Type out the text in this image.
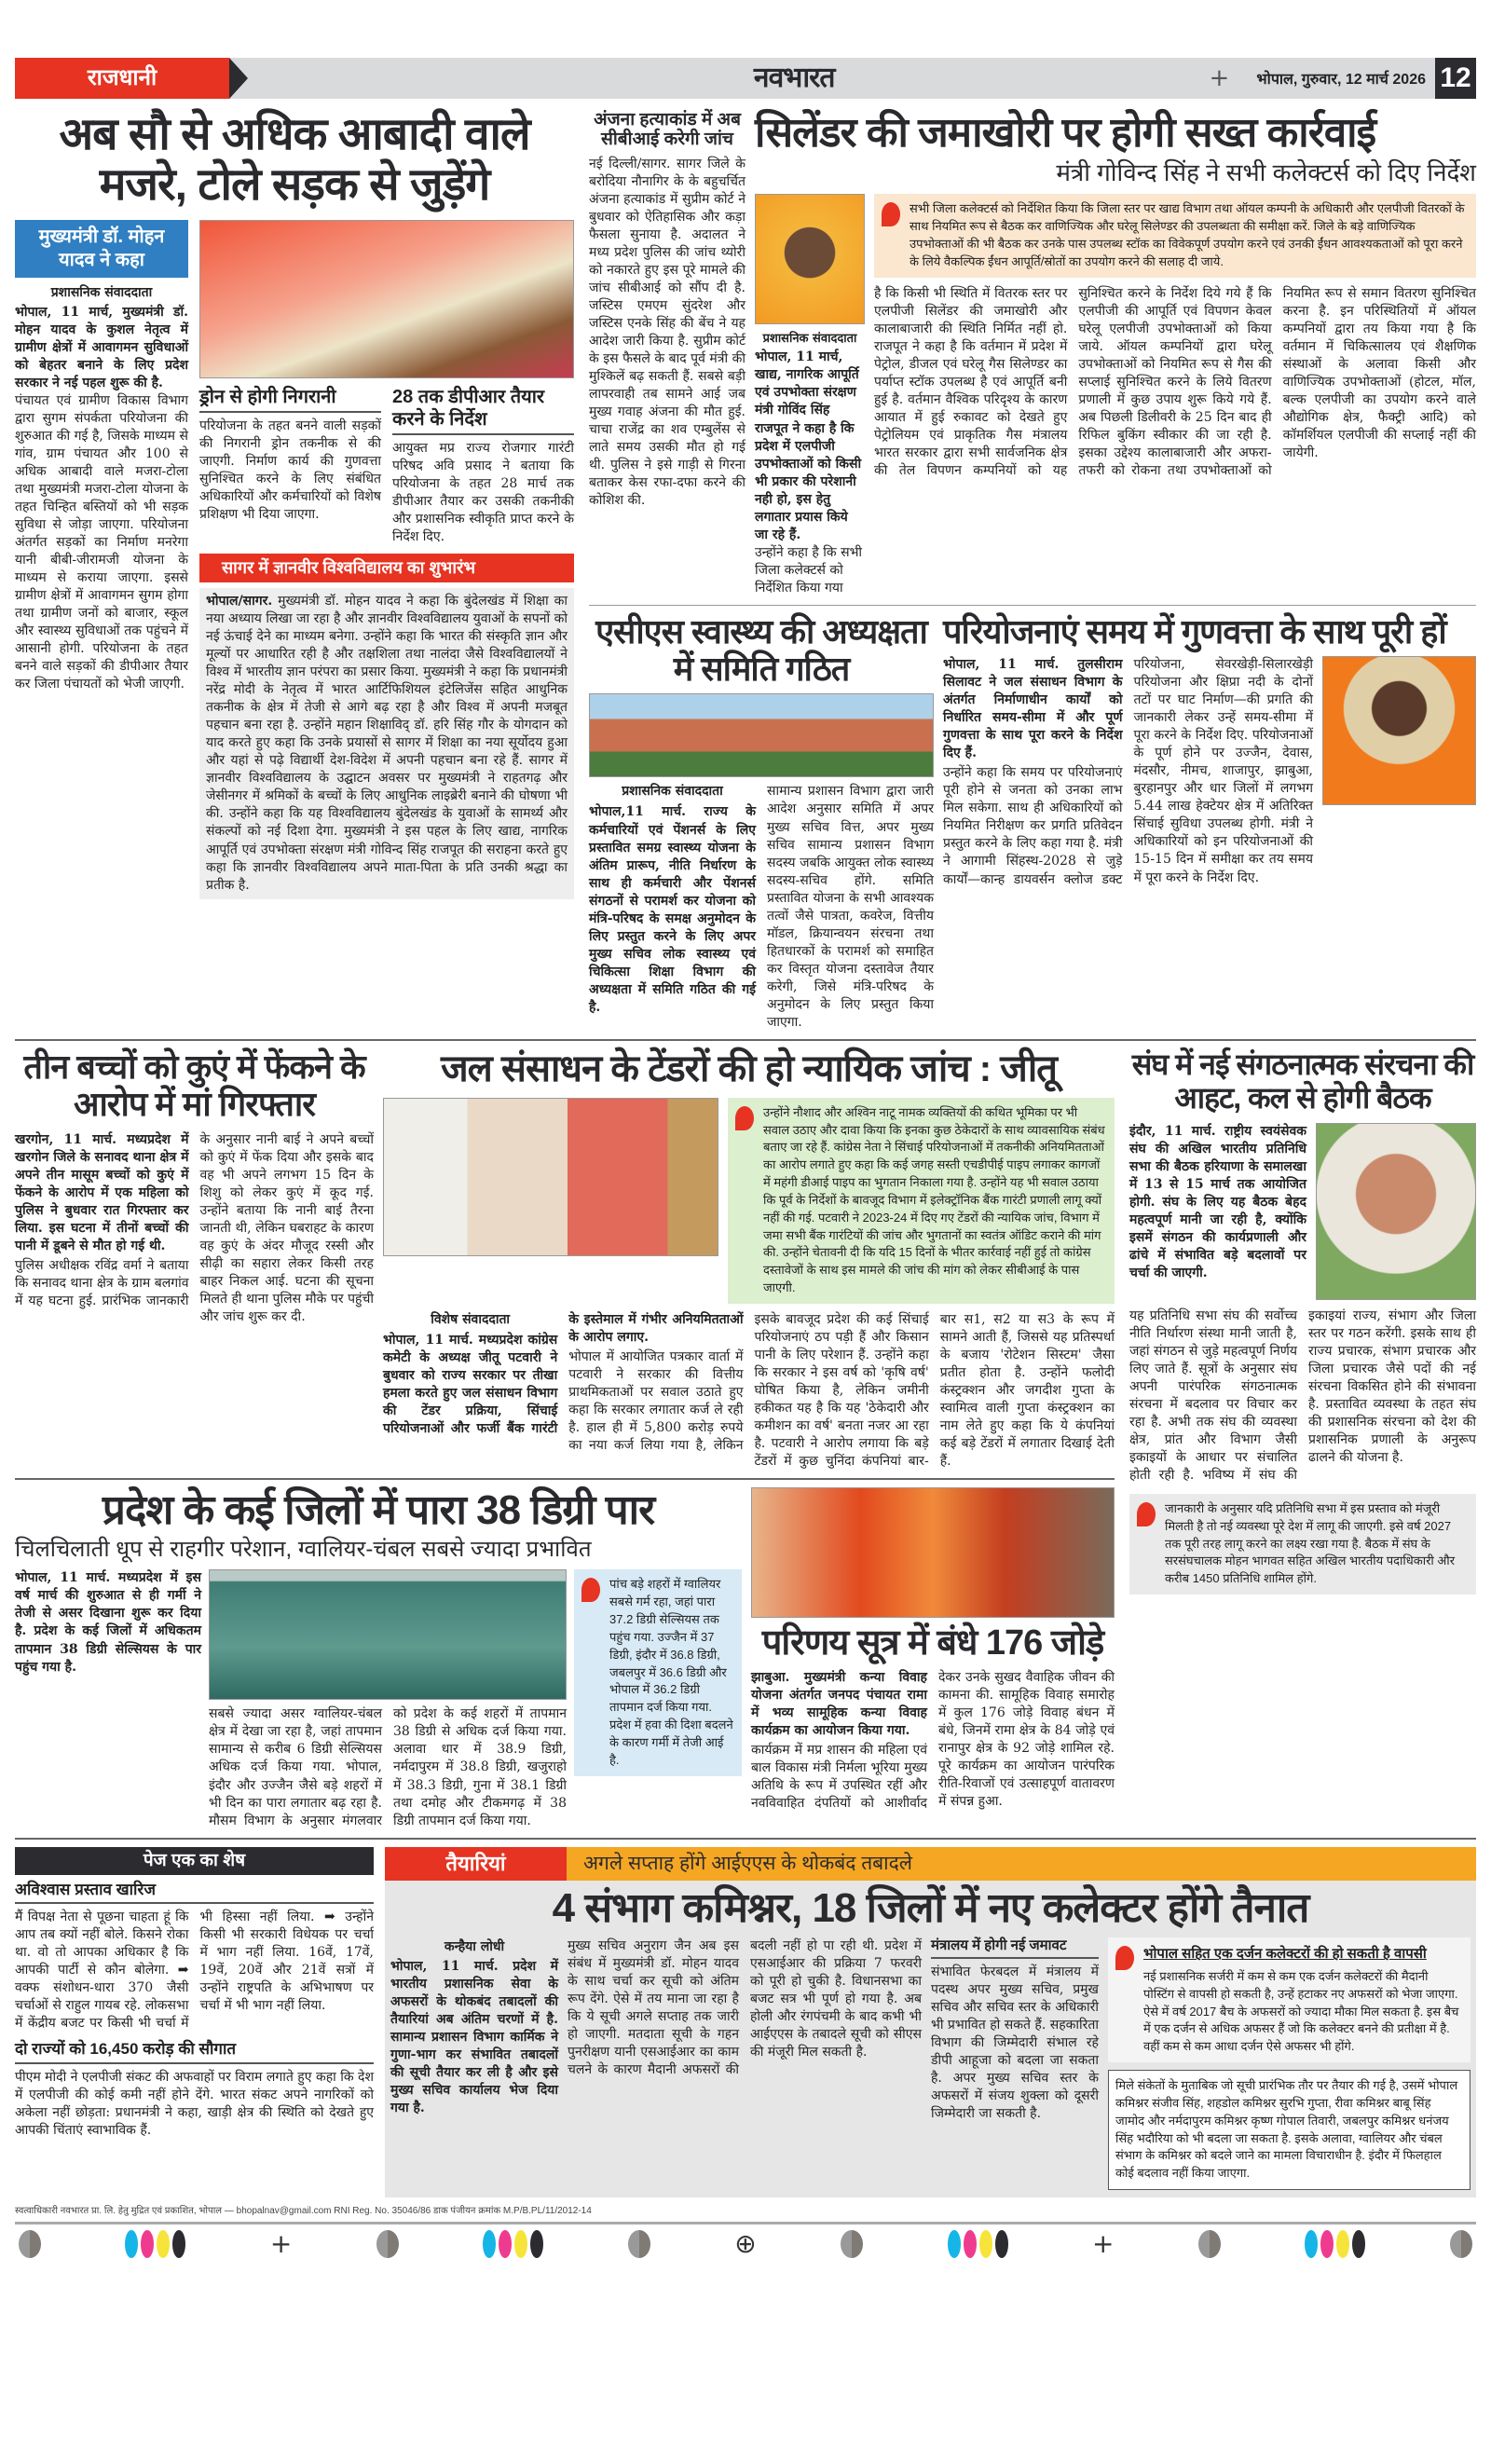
राजधानी	नवभारत	+	भोपाल, गुरुवार, 12 मार्च 2026 12
अब सौ से अधिक आबादी वाले मजरे, टोले सड़क से जुड़ेंगे
मुख्यमंत्री डॉ. मोहन यादव ने कहा
प्रशासनिक संवाददाता
भोपाल, 11 मार्च, मुख्यमंत्री डॉ. मोहन यादव के कुशल नेतृत्व में ग्रामीण क्षेत्रों में आवागमन सुविधाओं को बेहतर बनाने के लिए प्रदेश सरकार ने नई पहल शुरू की है.
पंचायत एवं ग्रामीण विकास विभाग द्वारा सुगम संपर्कता परियोजना की शुरुआत की गई है, जिसके माध्यम से गांव, ग्राम पंचायत और 100 से अधिक आबादी वाले मजरा-टोला तथा मुख्यमंत्री मजरा-टोला योजना के तहत चिन्हित बस्तियों को भी सड़क सुविधा से जोड़ा जाएगा. परियोजना अंतर्गत सड़कों का निर्माण मनरेगा यानी बीबी-जीरामजी योजना के माध्यम से कराया जाएगा. इससे ग्रामीण क्षेत्रों में आवागमन सुगम होगा तथा ग्रामीण जनों को बाजार, स्कूल और स्वास्थ्य सुविधाओं तक पहुंचने में आसानी होगी. परियोजना के तहत बनने वाले सड़कों की डीपीआर तैयार कर जिला पंचायतों को भेजी जाएगी.
ड्रोन से होगी निगरानी
परियोजना के तहत बनने वाली सड़कों की निगरानी ड्रोन तकनीक से की जाएगी. निर्माण कार्य की गुणवत्ता सुनिश्चित करने के लिए संबंधित अधिकारियों और कर्मचारियों को विशेष प्रशिक्षण भी दिया जाएगा.
28 तक डीपीआर तैयार करने के निर्देश
आयुक्त मप्र राज्य रोजगार गारंटी परिषद अवि प्रसाद ने बताया कि परियोजना के तहत 28 मार्च तक डीपीआर तैयार कर उसकी तकनीकी और प्रशासनिक स्वीकृति प्राप्त करने के निर्देश दिए.
सागर में ज्ञानवीर विश्वविद्यालय का शुभारंभ
भोपाल/सागर. मुख्यमंत्री डॉ. मोहन यादव ने कहा कि बुंदेलखंड में शिक्षा का नया अध्याय लिखा जा रहा है और ज्ञानवीर विश्वविद्यालय युवाओं के सपनों को नई ऊंचाई देने का माध्यम बनेगा. उन्होंने कहा कि भारत की संस्कृति ज्ञान और मूल्यों पर आधारित रही है और तक्षशिला तथा नालंदा जैसे विश्वविद्यालयों ने विश्व में भारतीय ज्ञान परंपरा का प्रसार किया. मुख्यमंत्री ने कहा कि प्रधानमंत्री नरेंद्र मोदी के नेतृत्व में भारत आर्टिफिशियल इंटेलिजेंस सहित आधुनिक तकनीक के क्षेत्र में तेजी से आगे बढ़ रहा है और विश्व में अपनी मजबूत पहचान बना रहा है. उन्होंने महान शिक्षाविद् डॉ. हरि सिंह गौर के योगदान को याद करते हुए कहा कि उनके प्रयासों से सागर में शिक्षा का नया सूर्योदय हुआ और यहां से पढ़े विद्यार्थी देश-विदेश में अपनी पहचान बना रहे हैं. सागर में ज्ञानवीर विश्वविद्यालय के उद्घाटन अवसर पर मुख्यमंत्री ने राहतगढ़ और जेसीनगर में श्रमिकों के बच्चों के लिए आधुनिक लाइब्रेरी बनाने की घोषणा भी की. उन्होंने कहा कि यह विश्वविद्यालय बुंदेलखंड के युवाओं के सामर्थ्य और संकल्पों को नई दिशा देगा. मुख्यमंत्री ने इस पहल के लिए खाद्य, नागरिक आपूर्ति एवं उपभोक्ता संरक्षण मंत्री गोविन्द सिंह राजपूत की सराहना करते हुए कहा कि ज्ञानवीर विश्वविद्यालय अपने माता-पिता के प्रति उनकी श्रद्धा का प्रतीक है.
अंजना हत्याकांड में अब सीबीआई करेगी जांच
नई दिल्ली/सागर. सागर जिले के बरोदिया नौनागिर के के बहुचर्चित अंजना हत्याकांड में सुप्रीम कोर्ट ने बुधवार को ऐतिहासिक और कड़ा फैसला सुनाया है. अदालत ने मध्य प्रदेश पुलिस की जांच थ्योरी को नकारते हुए इस पूरे मामले की जांच सीबीआई को सौंप दी है. जस्टिस एमएम सुंदरेश और जस्टिस एनके सिंह की बेंच ने यह आदेश जारी किया है. सुप्रीम कोर्ट के इस फैसले के बाद पूर्व मंत्री की मुश्किलें बढ़ सकती हैं. सबसे बड़ी लापरवाही तब सामने आई जब मुख्य गवाह अंजना की मौत हुई. चाचा राजेंद्र का शव एम्बुलेंस से लाते समय उसकी मौत हो गई थी. पुलिस ने इसे गाड़ी से गिरना बताकर केस रफा-दफा करने की कोशिश की.
सिलेंडर की जमाखोरी पर होगी सख्त कार्रवाई
मंत्री गोविन्द सिंह ने सभी कलेक्टर्स को दिए निर्देश
प्रशासनिक संवाददाता
भोपाल, 11 मार्च, खाद्य, नागरिक आपूर्ति एवं उपभोक्ता संरक्षण मंत्री गोविंद सिंह राजपूत ने कहा है कि प्रदेश में एलपीजी उपभोक्ताओं को किसी भी प्रकार की परेशानी नही हो, इस हेतु लगातार प्रयास किये जा रहे हैं.
उन्होंने कहा है कि सभी जिला कलेक्टर्स को निर्देशित किया गया
सभी जिला कलेक्टर्स को निर्देशित किया कि जिला स्तर पर खाद्य विभाग तथा ऑयल कम्पनी के अधिकारी और एलपीजी वितरकों के साथ नियमित रूप से बैठक कर वाणिज्यिक और घरेलू सिलेण्डर की उपलब्धता की समीक्षा करें. जिले के बड़े वाणिज्यिक उपभोक्ताओं की भी बैठक कर उनके पास उपलब्ध स्टॉक का विवेकपूर्ण उपयोग करने एवं उनकी ईंधन आवश्यकताओं को पूरा करने के लिये वैकल्पिक ईंधन आपूर्ति/स्रोतों का उपयोग करने की सलाह दी जाये.
है कि किसी भी स्थिति में वितरक स्तर पर एलपीजी सिलेंडर की जमाखोरी और कालाबाजारी की स्थिति निर्मित नहीं हो. राजपूत ने कहा है कि वर्तमान में प्रदेश में पेट्रोल, डीजल एवं घरेलू गैस सिलेण्डर का पर्याप्त स्टॉक उपलब्ध है एवं आपूर्ति बनी हुई है. वर्तमान वैश्विक परिदृश्य के कारण आयात में हुई रुकावट को देखते हुए पेट्रोलियम एवं प्राकृतिक गैस मंत्रालय भारत सरकार द्वारा सभी सार्वजनिक क्षेत्र की तेल विपणन कम्पनियों को यह सुनिश्चित करने के निर्देश दिये गये हैं कि एलपीजी की आपूर्ति एवं विपणन केवल घरेलू एलपीजी उपभोक्ताओं को किया जाये. ऑयल कम्पनियों द्वारा घरेलू उपभोक्ताओं को नियमित रूप से गैस की सप्लाई सुनिश्चित करने के लिये वितरण प्रणाली में कुछ उपाय शुरू किये गये हैं. अब पिछली डिलीवरी के 25 दिन बाद ही रिफिल बुकिंग स्वीकार की जा रही है. इसका उद्देश्य कालाबाजारी और अफरा-तफरी को रोकना तथा उपभोक्ताओं को नियमित रूप से समान वितरण सुनिश्चित करना है. इन परिस्थितियों में ऑयल कम्पनियों द्वारा तय किया गया है कि वर्तमान में चिकित्सालय एवं शैक्षणिक संस्थाओं के अलावा किसी और वाणिज्यिक उपभोक्ताओं (होटल, मॉल, बल्क एलपीजी का उपयोग करने वाले औद्योगिक क्षेत्र, फैक्ट्री आदि) को कॉमर्शियल एलपीजी की सप्लाई नहीं की जायेगी.
एसीएस स्वास्थ्य की अध्यक्षता में समिति गठित
प्रशासनिक संवाददाता

भोपाल,11 मार्च. राज्य के कर्मचारियों एवं पेंशनर्स के लिए प्रस्तावित समग्र स्वास्थ्य योजना के अंतिम प्रारूप, नीति निर्धारण के साथ ही कर्मचारी और पेंशनर्स संगठनों से परामर्श कर योजना को मंत्रि-परिषद के समक्ष अनुमोदन के लिए प्रस्तुत करने के लिए अपर मुख्य सचिव लोक स्वास्थ्य एवं चिकित्सा शिक्षा विभाग की अध्यक्षता में समिति गठित की गई है.

सामान्य प्रशासन विभाग द्वारा जारी आदेश अनुसार समिति में अपर मुख्य सचिव वित्त, अपर मुख्य सचिव सामान्य प्रशासन विभाग सदस्य जबकि आयुक्त लोक स्वास्थ्य सदस्य-सचिव होंगे. समिति प्रस्तावित योजना के सभी आवश्यक तत्वों जैसे पात्रता, कवरेज, वित्तीय मॉडल, क्रियान्वयन संरचना तथा हितधारकों के परामर्श को समाहित कर विस्तृत योजना दस्तावेज तैयार करेगी, जिसे मंत्रि-परिषद के अनुमोदन के लिए प्रस्तुत किया जाएगा.

परियोजनाएं समय में गुणवत्ता के साथ पूरी हों

भोपाल, 11 मार्च. तुलसीराम सिलावट ने जल संसाधन विभाग के अंतर्गत निर्माणाधीन कार्यों को निर्धारित समय-सीमा में और पूर्ण गुणवत्ता के साथ पूरा करने के निर्देश दिए हैं.

उन्होंने कहा कि समय पर परियोजनाएं पूरी होने से जनता को उनका लाभ मिल सकेगा. साथ ही अधिकारियों को नियमित निरीक्षण कर प्रगति प्रतिवेदन प्रस्तुत करने के लिए कहा गया है. मंत्री ने आगामी सिंहस्थ-2028 से जुड़े कार्यों—कान्ह डायवर्सन क्लोज डक्ट परियोजना, सेवरखेड़ी-सिलारखेड़ी परियोजना और क्षिप्रा नदी के दोनों तटों पर घाट निर्माण—की प्रगति की जानकारी लेकर उन्हें समय-सीमा में पूरा करने के निर्देश दिए. परियोजनाओं के पूर्ण होने पर उज्जैन, देवास, मंदसौर, नीमच, शाजापुर, झाबुआ, बुरहानपुर और धार जिलों में लगभग 5.44 लाख हेक्टेयर क्षेत्र में अतिरिक्त सिंचाई सुविधा उपलब्ध होगी. मंत्री ने अधिकारियों को इन परियोजनाओं की 15-15 दिन में समीक्षा कर तय समय में पूरा करने के निर्देश दिए.

तीन बच्चों को कुएं में फेंकने के आरोप में मां गिरफ्तार

खरगोन, 11 मार्च. मध्यप्रदेश में खरगोन जिले के सनावद थाना क्षेत्र में अपने तीन मासूम बच्चों को कुएं में फेंकने के आरोप में एक महिला को पुलिस ने बुधवार रात गिरफ्तार कर लिया. इस घटना में तीनों बच्चों की पानी में डूबने से मौत हो गई थी.

पुलिस अधीक्षक रविंद्र वर्मा ने बताया कि सनावद थाना क्षेत्र के ग्राम बलगांव में यह घटना हुई. प्रारंभिक जानकारी के अनुसार नानी बाई ने अपने बच्चों को कुएं में फेंक दिया और इसके बाद वह भी अपने लगभग 15 दिन के शिशु को लेकर कुएं में कूद गई. उन्होंने बताया कि नानी बाई तैरना जानती थी, लेकिन घबराहट के कारण वह कुएं के अंदर मौजूद रस्सी और सीढ़ी का सहारा लेकर किसी तरह बाहर निकल आई. घटना की सूचना मिलते ही थाना पुलिस मौके पर पहुंची और जांच शुरू कर दी.

जल संसाधन के टेंडरों की हो न्यायिक जांच : जीतू
उन्होंने नौशाद और अश्विन नाटू नामक व्यक्तियों की कथित भूमिका पर भी सवाल उठाए और दावा किया कि इनका कुछ ठेकेदारों के साथ व्यावसायिक संबंध बताए जा रहे हैं. कांग्रेस नेता ने सिंचाई परियोजनाओं में तकनीकी अनियमितताओं का आरोप लगाते हुए कहा कि कई जगह सस्ती एचडीपीई पाइप लगाकर कागजों में महंगी डीआई पाइप का भुगतान निकाला गया है. उन्होंने यह भी सवाल उठाया कि पूर्व के निर्देशों के बावजूद विभाग में इलेक्ट्रॉनिक बैंक गारंटी प्रणाली लागू क्यों नहीं की गई. पटवारी ने 2023-24 में दिए गए टेंडरों की न्यायिक जांच, विभाग में जमा सभी बैंक गारंटियों की जांच और भुगतानों का स्वतंत्र ऑडिट कराने की मांग की. उन्होंने चेतावनी दी कि यदि 15 दिनों के भीतर कार्रवाई नहीं हुई तो कांग्रेस दस्तावेजों के साथ इस मामले की जांच की मांग को लेकर सीबीआई के पास जाएगी.
विशेष संवाददाता

भोपाल, 11 मार्च. मध्यप्रदेश कांग्रेस कमेटी के अध्यक्ष जीतू पटवारी ने बुधवार को राज्य सरकार पर तीखा हमला करते हुए जल संसाधन विभाग की टेंडर प्रक्रिया, सिंचाई परियोजनाओं और फर्जी बैंक गारंटी के इस्तेमाल में गंभीर अनियमितताओं के आरोप लगाए.

भोपाल में आयोजित पत्रकार वार्ता में पटवारी ने सरकार की वित्तीय प्राथमिकताओं पर सवाल उठाते हुए कहा कि सरकार लगातार कर्ज ले रही है. हाल ही में 5,800 करोड़ रुपये का नया कर्ज लिया गया है, लेकिन इसके बावजूद प्रदेश की कई सिंचाई परियोजनाएं ठप पड़ी हैं और किसान पानी के लिए परेशान हैं. उन्होंने कहा कि सरकार ने इस वर्ष को 'कृषि वर्ष' घोषित किया है, लेकिन जमीनी हकीकत यह है कि यह 'ठेकेदारी और कमीशन का वर्ष' बनता नजर आ रहा है. पटवारी ने आरोप लगाया कि बड़े टेंडरों में कुछ चुनिंदा कंपनियां बार-बार स1, स2 या स3 के रूप में सामने आती हैं, जिससे यह प्रतिस्पर्धा के बजाय 'रोटेशन सिस्टम' जैसा प्रतीत होता है. उन्होंने फलोदी कंस्ट्रक्शन और जगदीश गुप्ता के स्वामित्व वाली गुप्ता कंस्ट्रक्शन का नाम लेते हुए कहा कि ये कंपनियां कई बड़े टेंडरों में लगातार दिखाई देती हैं.

प्रदेश के कई जिलों में पारा 38 डिग्री पार
चिलचिलाती धूप से राहगीर परेशान, ग्वालियर-चंबल सबसे ज्यादा प्रभावित
भोपाल, 11 मार्च. मध्यप्रदेश में इस वर्ष मार्च की शुरुआत से ही गर्मी ने तेजी से असर दिखाना शुरू कर दिया है. प्रदेश के कई जिलों में अधिकतम तापमान 38 डिग्री सेल्सियस के पार पहुंच गया है.
सबसे ज्यादा असर ग्वालियर-चंबल क्षेत्र में देखा जा रहा है, जहां तापमान सामान्य से करीब 6 डिग्री सेल्सियस अधिक दर्ज किया गया. भोपाल, इंदौर और उज्जैन जैसे बड़े शहरों में भी दिन का पारा लगातार बढ़ रहा है. मौसम विभाग के अनुसार मंगलवार को प्रदेश के कई शहरों में तापमान 38 डिग्री से अधिक दर्ज किया गया. अलावा धार में 38.9 डिग्री, नर्मदापुरम में 38.8 डिग्री, खजुराहो में 38.3 डिग्री, गुना में 38.1 डिग्री तथा दमोह और टीकमगढ़ में 38 डिग्री तापमान दर्ज किया गया.
पांच बड़े शहरों में ग्वालियर सबसे गर्म रहा, जहां पारा 37.2 डिग्री सेल्सियस तक पहुंच गया. उज्जैन में 37 डिग्री, इंदौर में 36.8 डिग्री, जबलपुर में 36.6 डिग्री और भोपाल में 36.2 डिग्री तापमान दर्ज किया गया. प्रदेश में हवा की दिशा बदलने के कारण गर्मी में तेजी आई है.
परिणय सूत्र में बंधे 176 जोड़े

झाबुआ. मुख्यमंत्री कन्या विवाह योजना अंतर्गत जनपद पंचायत रामा में भव्य सामूहिक कन्या विवाह कार्यक्रम का आयोजन किया गया.

कार्यक्रम में मप्र शासन की महिला एवं बाल विकास मंत्री निर्मला भूरिया मुख्य अतिथि के रूप में उपस्थित रहीं और नवविवाहित दंपतियों को आशीर्वाद देकर उनके सुखद वैवाहिक जीवन की कामना की. सामूहिक विवाह समारोह में कुल 176 जोड़े विवाह बंधन में बंधे, जिनमें रामा क्षेत्र के 84 जोड़े एवं रानापुर क्षेत्र के 92 जोड़े शामिल रहे. पूरे कार्यक्रम का आयोजन पारंपरिक रीति-रिवाजों एवं उत्साहपूर्ण वातावरण में संपन्न हुआ.

संघ में नई संगठनात्मक संरचना की आहट, कल से होगी बैठक
इंदौर, 11 मार्च. राष्ट्रीय स्वयंसेवक संघ की अखिल भारतीय प्रतिनिधि सभा की बैठक हरियाणा के समालखा में 13 से 15 मार्च तक आयोजित होगी. संघ के लिए यह बैठक बेहद महत्वपूर्ण मानी जा रही है, क्योंकि इसमें संगठन की कार्यप्रणाली और ढांचे में संभावित बड़े बदलावों पर चर्चा की जाएगी.
यह प्रतिनिधि सभा संघ की सर्वोच्च नीति निर्धारण संस्था मानी जाती है, जहां संगठन से जुड़े महत्वपूर्ण निर्णय लिए जाते हैं. सूत्रों के अनुसार संघ अपनी पारंपरिक संगठनात्मक संरचना में बदलाव पर विचार कर रहा है. अभी तक संघ की व्यवस्था क्षेत्र, प्रांत और विभाग जैसी इकाइयों के आधार पर संचालित होती रही है. भविष्य में संघ की इकाइयां राज्य, संभाग और जिला स्तर पर गठन करेंगी. इसके साथ ही राज्य प्रचारक, संभाग प्रचारक और जिला प्रचारक जैसे पदों की नई संरचना विकसित होने की संभावना है. प्रस्तावित व्यवस्था के तहत संघ की प्रशासनिक संरचना को देश की प्रशासनिक प्रणाली के अनुरूप ढालने की योजना है.
जानकारी के अनुसार यदि प्रतिनिधि सभा में इस प्रस्ताव को मंजूरी मिलती है तो नई व्यवस्था पूरे देश में लागू की जाएगी. इसे वर्ष 2027 तक पूरी तरह लागू करने का लक्ष्य रखा गया है. बैठक में संघ के सरसंघचालक मोहन भागवत सहित अखिल भारतीय पदाधिकारी और करीब 1450 प्रतिनिधि शामिल होंगे.
पेज एक का शेष
अविश्वास प्रस्ताव खारिज
मैं विपक्ष नेता से पूछना चाहता हूं कि आप तब क्यों नहीं बोले. किसने रोका था. वो तो आपका अधिकार है कि आपकी पार्टी से कौन बोलेगा. ➡ वक्फ संशोधन-धारा 370 जैसी चर्चाओं से राहुल गायब रहे. लोकसभा में केंद्रीय बजट पर किसी भी चर्चा में भी हिस्सा नहीं लिया. ➡ उन्होंने किसी भी सरकारी विधेयक पर चर्चा में भाग नहीं लिया. 16वें, 17वें, 19वें, 20वें और 21वें सत्रों में उन्होंने राष्ट्रपति के अभिभाषण पर चर्चा में भी भाग नहीं लिया.
दो राज्यों को 16,450 करोड़ की सौगात
पीएम मोदी ने एलपीजी संकट की अफवाहों पर विराम लगाते हुए कहा कि देश में एलपीजी की कोई कमी नहीं होने देंगे. भारत संकट अपने नागरिकों को अकेला नहीं छोड़ता: प्रधानमंत्री ने कहा, खाड़ी क्षेत्र की स्थिति को देखते हुए आपकी चिंताएं स्वाभाविक हैं.
तैयारियां	अगले सप्ताह होंगे आईएएस के थोकबंद तबादले
4 संभाग कमिश्नर, 18 जिलों में नए कलेक्टर होंगे तैनात
कन्हैया लोधी
भोपाल, 11 मार्च. प्रदेश में भारतीय प्रशासनिक सेवा के अफसरों के थोकबंद तबादलों की तैयारियां अब अंतिम चरणों में है. सामान्य प्रशासन विभाग कार्मिक ने गुणा-भाग कर संभावित तबादलों की सूची तैयार कर ली है और इसे मुख्य सचिव कार्यालय भेज दिया गया है.
मुख्य सचिव अनुराग जैन अब इस संबंध में मुख्यमंत्री डॉ. मोहन यादव के साथ चर्चा कर सूची को अंतिम रूप देंगे. ऐसे में तय माना जा रहा है कि ये सूची अगले सप्ताह तक जारी हो जाएगी. मतदाता सूची के गहन पुनरीक्षण यानी एसआईआर का काम चलने के कारण मैदानी अफसरों की बदली नहीं हो पा रही थी. प्रदेश में एसआईआर की प्रक्रिया 7 फरवरी को पूरी हो चुकी है. विधानसभा का बजट सत्र भी पूर्ण हो गया है. अब होली और रंगपंचमी के बाद कभी भी आईएएस के तबादले सूची को सीएस की मंजूरी मिल सकती है.
मंत्रालय में होगी नई जमावट
संभावित फेरबदल में मंत्रालय में पदस्थ अपर मुख्य सचिव, प्रमुख सचिव और सचिव स्तर के अधिकारी भी प्रभावित हो सकते हैं. सहकारिता विभाग की जिम्मेदारी संभाल रहे डीपी आहूजा को बदला जा सकता है. अपर मुख्य सचिव स्तर के अफसरों में संजय शुक्ला को दूसरी जिम्मेदारी जा सकती है.
भोपाल सहित एक दर्जन कलेक्टरों की हो सकती है वापसी
नई प्रशासनिक सर्जरी में कम से कम एक दर्जन कलेक्टरों की मैदानी पोस्टिंग से वापसी हो सकती है, उन्हें हटाकर नए अफसरों को भेजा जाएगा. ऐसे में वर्ष 2017 बैच के अफसरों को ज्यादा मौका मिल सकता है. इस बैच में एक दर्जन से अधिक अफसर हैं जो कि कलेक्टर बनने की प्रतीक्षा में है. वहीं कम से कम आधा दर्जन ऐसे अफसर भी होंगे.
मिले संकेतों के मुताबिक जो सूची प्रारंभिक तौर पर तैयार की गई है, उसमें भोपाल कमिश्नर संजीव सिंह, शहडोल कमिश्नर सुरभि गुप्ता, रीवा कमिश्नर बाबू सिंह जामोद और नर्मदापुरम कमिश्नर कृष्ण गोपाल तिवारी, जबलपुर कमिश्नर धनंजय सिंह भदौरिया को भी बदला जा सकता है. इसके अलावा, ग्वालियर और चंबल संभाग के कमिश्नर को बदले जाने का मामला विचाराधीन है. इंदौर में फिलहाल कोई बदलाव नहीं किया जाएगा.
स्वत्वाधिकारी नवभारत प्रा. लि. हेतु मुद्रित एवं प्रकाशित, भोपाल — bhopalnav@gmail.com RNI Reg. No. 35046/86 डाक पंजीयन क्रमांक M.P/B.PL/11/2012-14
+	⊕	+
